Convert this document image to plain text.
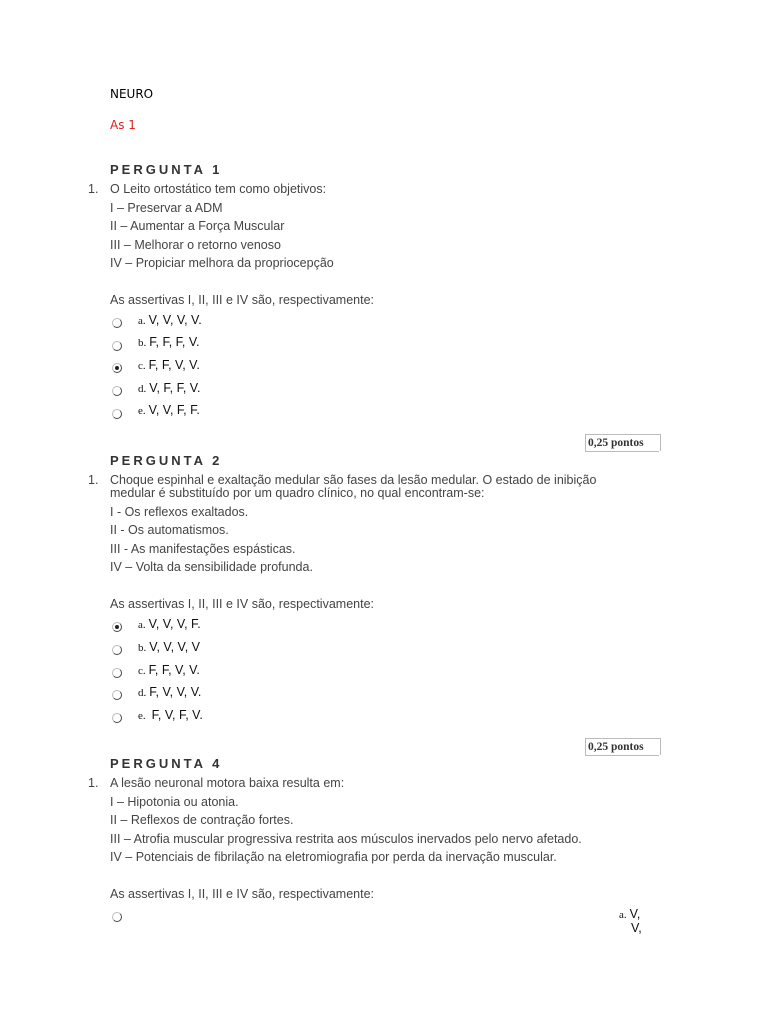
NEURO
As 1
PERGUNTA 1
1. O Leito ortostático tem como objetivos:
I – Preservar a ADM
II – Aumentar a Força Muscular
III – Melhorar o retorno venoso
IV – Propiciar melhora da propriocepção
As assertivas I, II, III e IV são, respectivamente:
a. V, V, V, V.
b. F, F, F, V.
c. F, F, V, V.
d. V, F, F, V.
e. V, V, F, F.
0,25 pontos
PERGUNTA 2
1. Choque espinhal e exaltação medular são fases da lesão medular. O estado de inibição
medular é substituído por um quadro clínico, no qual encontram-se:
I - Os reflexos exaltados.
II - Os automatismos.
III - As manifestações espásticas.
IV – Volta da sensibilidade profunda.
As assertivas I, II, III e IV são, respectivamente:
a. V, V, V, F.
b. V, V, V, V
c. F, F, V, V.
d. F, V, V, V.
e. F, V, F, V.
0,25 pontos
PERGUNTA 4
1. A lesão neuronal motora baixa resulta em:
I – Hipotonia ou atonia.
II – Reflexos de contração fortes.
III – Atrofia muscular progressiva restrita aos músculos inervados pelo nervo afetado.
IV – Potenciais de fibrilação na eletromiografia por perda da inervação muscular.
As assertivas I, II, III e IV são, respectivamente:
a. V,
V,
